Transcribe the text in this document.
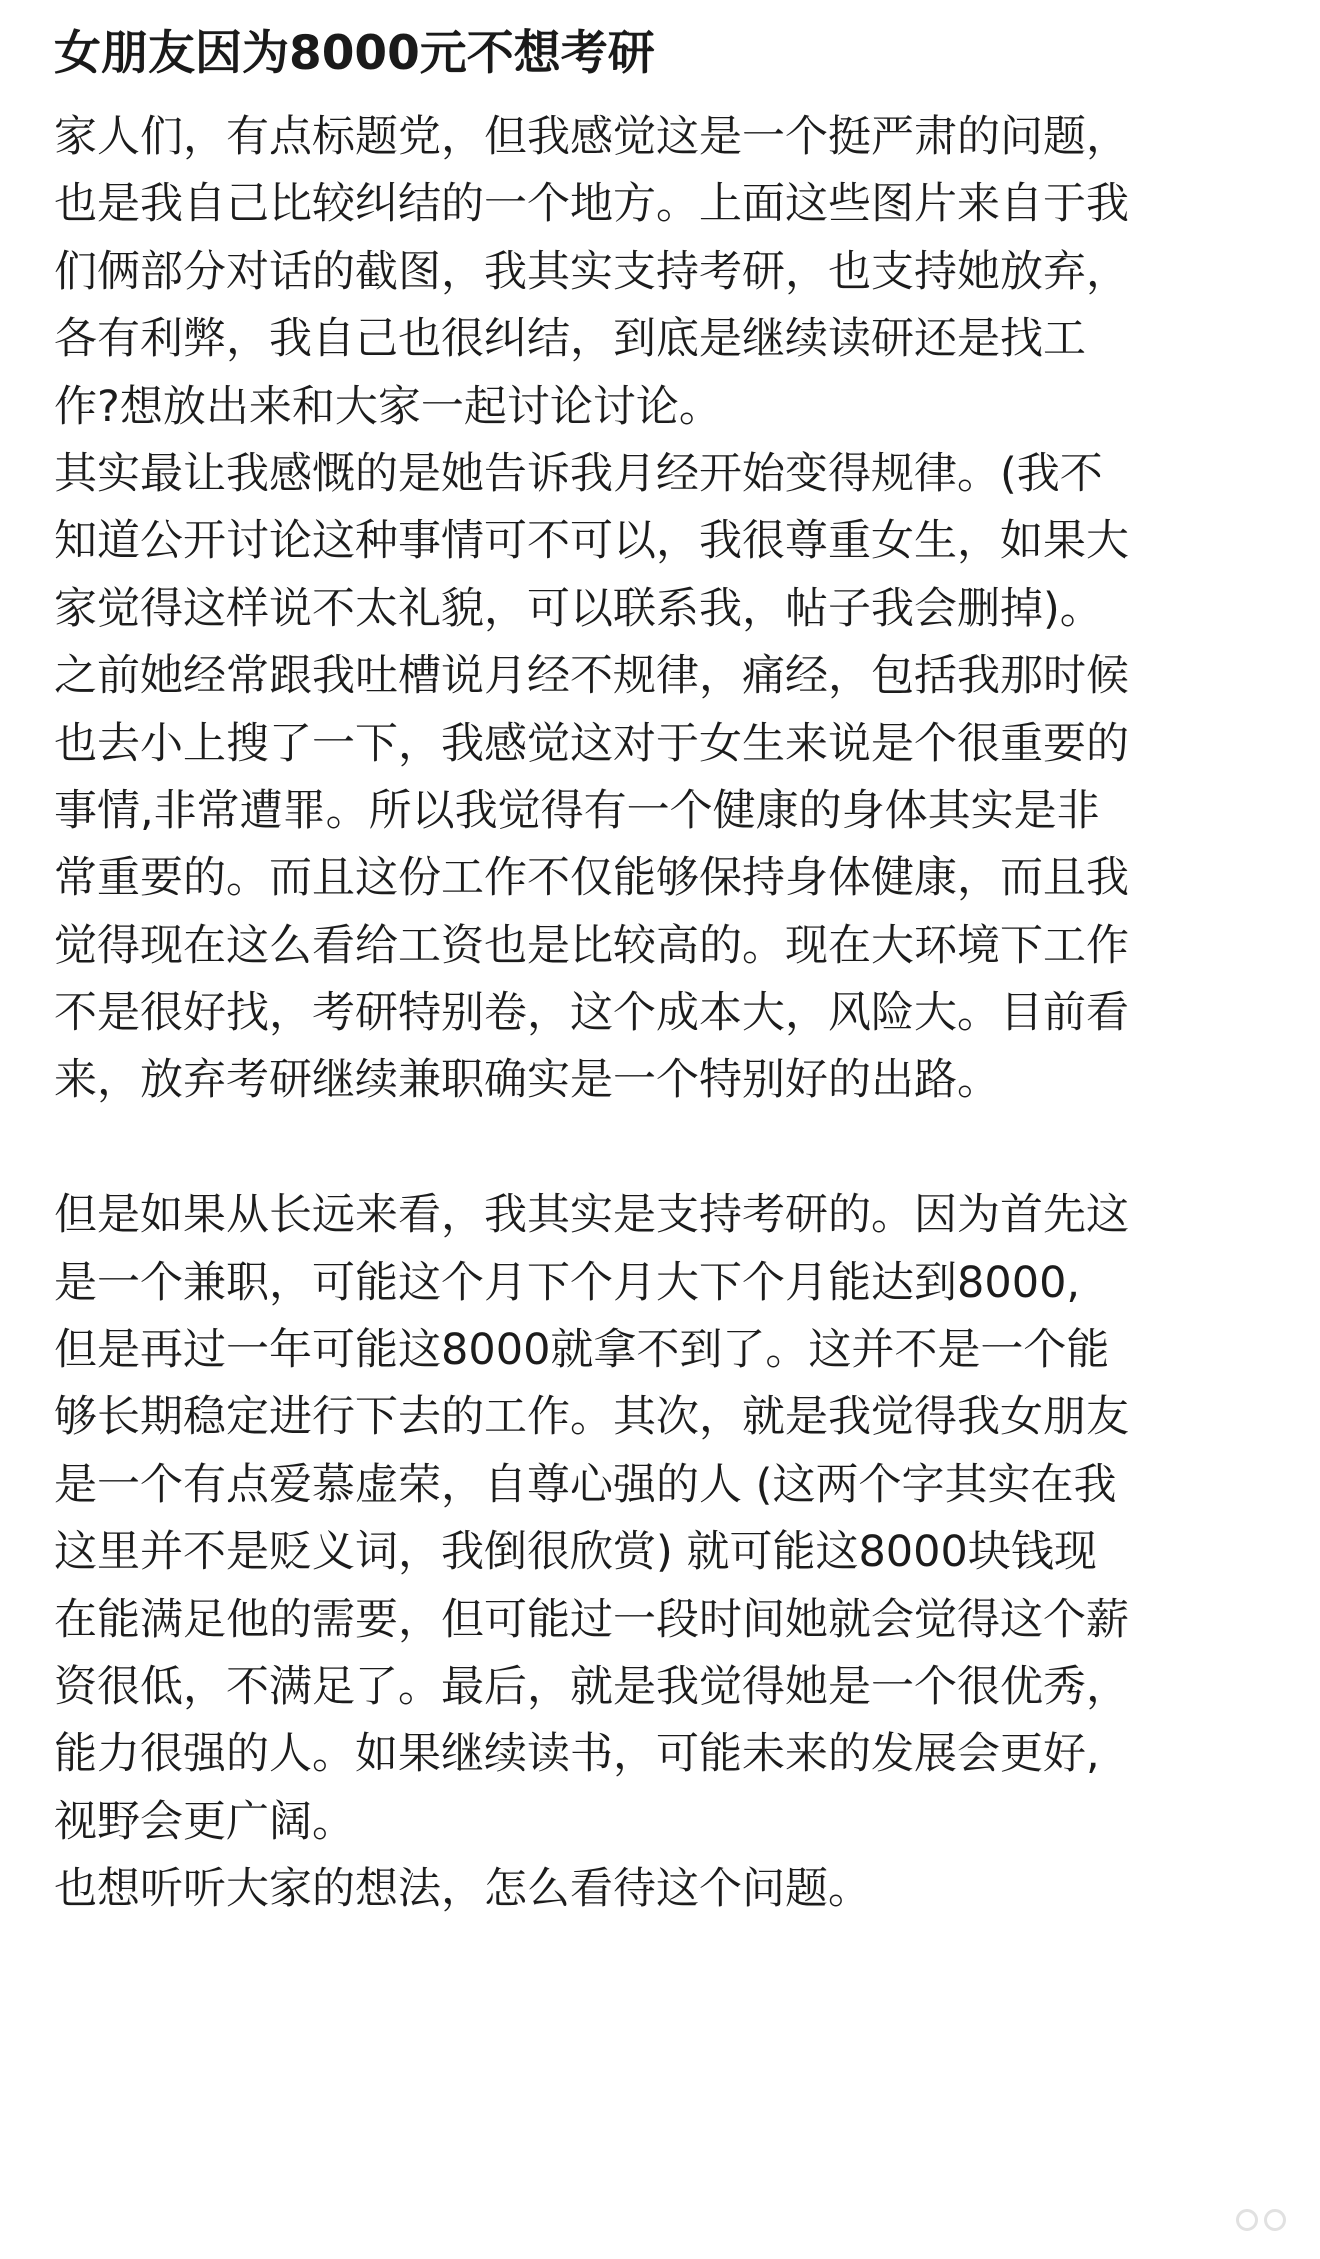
女朋友因为8000元不想考研
家人们，有点标题党，但我感觉这是一个挺严肃的问题，
也是我自己比较纠结的一个地方。上面这些图片来自于我
们俩部分对话的截图，我其实支持考研，也支持她放弃，
各有利弊，我自己也很纠结，到底是继续读研还是找工
作?想放出来和大家一起讨论讨论。
其实最让我感慨的是她告诉我月经开始变得规律。(我不
知道公开讨论这种事情可不可以，我很尊重女生，如果大
家觉得这样说不太礼貌，可以联系我，帖子我会删掉)。
之前她经常跟我吐槽说月经不规律，痛经，包括我那时候
也去小上搜了一下，我感觉这对于女生来说是个很重要的
事情,非常遭罪。所以我觉得有一个健康的身体其实是非
常重要的。而且这份工作不仅能够保持身体健康，而且我
觉得现在这么看给工资也是比较高的。现在大环境下工作
不是很好找，考研特别卷，这个成本大，风险大。目前看
来，放弃考研继续兼职确实是一个特别好的出路。
但是如果从长远来看，我其实是支持考研的。因为首先这
是一个兼职，可能这个月下个月大下个月能达到8000,
但是再过一年可能这8000就拿不到了。这并不是一个能
够长期稳定进行下去的工作。其次，就是我觉得我女朋友
是一个有点爱慕虚荣，自尊心强的人 (这两个字其实在我
这里并不是贬义词，我倒很欣赏) 就可能这8000块钱现
在能满足他的需要，但可能过一段时间她就会觉得这个薪
资很低，不满足了。最后，就是我觉得她是一个很优秀，
能力很强的人。如果继续读书，可能未来的发展会更好,
视野会更广阔。
也想听听大家的想法，怎么看待这个问题。
